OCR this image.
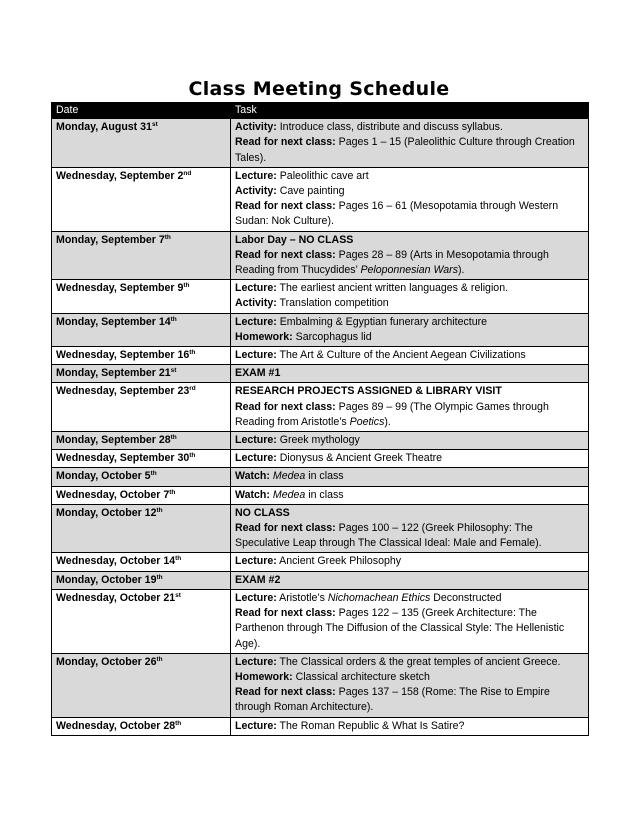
Class Meeting Schedule
Date	Task
Monday, August 31st	Activity: Introduce class, distribute and discuss syllabus.
Read for next class: Pages 1 – 15 (Paleolithic Culture through Creation Tales).

Wednesday, September 2nd	Lecture: Paleolithic cave art
Activity: Cave painting
Read for next class: Pages 16 – 61 (Mesopotamia through Western Sudan: Nok Culture).

Monday, September 7th	Labor Day – NO CLASS
Read for next class: Pages 28 – 89 (Arts in Mesopotamia through Reading from Thucydides’ Peloponnesian Wars).

Wednesday, September 9th	Lecture: The earliest ancient written languages & religion.
Activity: Translation competition

Monday, September 14th	Lecture: Embalming & Egyptian funerary architecture
Homework: Sarcophagus lid

Wednesday, September 16th	Lecture: The Art & Culture of the Ancient Aegean Civilizations

Monday, September 21st	EXAM #1

Wednesday, September 23rd	RESEARCH PROJECTS ASSIGNED & LIBRARY VISIT
Read for next class: Pages 89 – 99 (The Olympic Games through Reading from Aristotle’s Poetics).

Monday, September 28th	Lecture: Greek mythology

Wednesday, September 30th	Lecture: Dionysus & Ancient Greek Theatre

Monday, October 5th	Watch: Medea in class

Wednesday, October 7th	Watch: Medea in class

Monday, October 12th	NO CLASS
Read for next class: Pages 100 – 122 (Greek Philosophy: The Speculative Leap through The Classical Ideal: Male and Female).

Wednesday, October 14th	Lecture: Ancient Greek Philosophy

Monday, October 19th	EXAM #2

Wednesday, October 21st	Lecture: Aristotle’s Nichomachean Ethics Deconstructed
Read for next class: Pages 122 – 135 (Greek Architecture: The Parthenon through The Diffusion of the Classical Style: The Hellenistic Age).

Monday, October 26th	Lecture: The Classical orders & the great temples of ancient Greece.
Homework: Classical architecture sketch
Read for next class: Pages 137 – 158 (Rome: The Rise to Empire through Roman Architecture).

Wednesday, October 28th	Lecture: The Roman Republic & What Is Satire?
